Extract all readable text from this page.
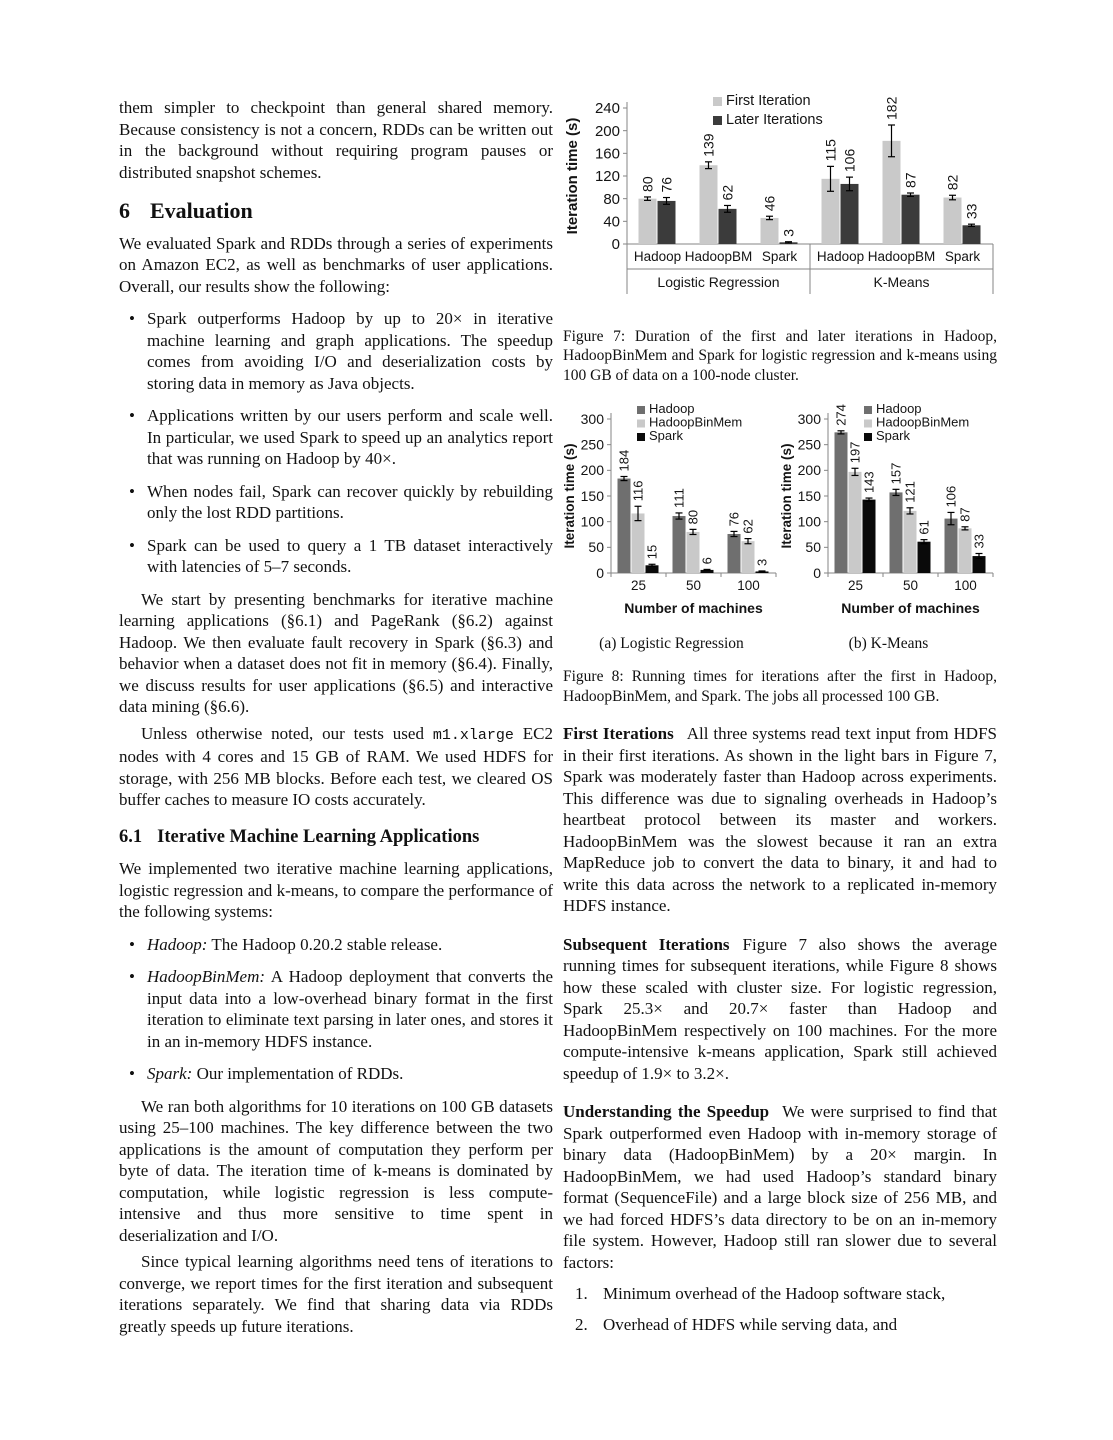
them simpler to checkpoint than general shared memory. Because consistency is not a concern, RDDs can be written out in the background without requiring program pauses or distributed snapshot schemes.

6 Evaluation

We evaluated Spark and RDDs through a series of experiments on Amazon EC2, as well as benchmarks of user applications. Overall, our results show the following:

• Spark outperforms Hadoop by up to 20× in iterative machine learning and graph applications. The speedup comes from avoiding I/O and deserialization costs by storing data in memory as Java objects.
• Applications written by our users perform and scale well. In particular, we used Spark to speed up an analytics report that was running on Hadoop by 40×.
• When nodes fail, Spark can recover quickly by rebuilding only the lost RDD partitions.
• Spark can be used to query a 1 TB dataset interactively with latencies of 5–7 seconds.

We start by presenting benchmarks for iterative machine learning applications (§6.1) and PageRank (§6.2) against Hadoop. We then evaluate fault recovery in Spark (§6.3) and behavior when a dataset does not fit in memory (§6.4). Finally, we discuss results for user applications (§6.5) and interactive data mining (§6.6).

Unless otherwise noted, our tests used m1.xlarge EC2 nodes with 4 cores and 15 GB of RAM. We used HDFS for storage, with 256 MB blocks. Before each test, we cleared OS buffer caches to measure IO costs accurately.

6.1 Iterative Machine Learning Applications

We implemented two iterative machine learning applications, logistic regression and k-means, to compare the performance of the following systems:

• Hadoop: The Hadoop 0.20.2 stable release.
• HadoopBinMem: A Hadoop deployment that converts the input data into a low-overhead binary format in the first iteration to eliminate text parsing in later ones, and stores it in an in-memory HDFS instance.
• Spark: Our implementation of RDDs.

We ran both algorithms for 10 iterations on 100 GB datasets using 25–100 machines. The key difference between the two applications is the amount of computation they perform per byte of data. The iteration time of k-means is dominated by computation, while logistic regression is less compute-intensive and thus more sensitive to time spent in deserialization and I/O.

Since typical learning algorithms need tens of iterations to converge, we report times for the first iteration and subsequent iterations separately. We find that sharing data via RDDs greatly speeds up future iterations.

0
40
80
120
160
200
240
Iteration time (s)
Hadoop HadoopBM Spark Hadoop HadoopBM Spark
80
139
46
115
182
82
76
62
3
106
87
33
Logistic Regression	K-Means
First Iteration
Later Iterations
Figure 7: Duration of the first and later iterations in Hadoop, HadoopBinMem and Spark for logistic regression and k-means using 100 GB of data on a 100-node cluster.
0
50
100
150
200
250
300
Iteration time (s)
25	50	100
184
111
76
116
80
62
15
6	3
Number of machines
Hadoop
HadoopBinMem
Spark
(a) Logistic Regression
0
50
100
150
200
250
300
Iteration time (s)
25	50	100
274
157
106
197
121
87
143
61
33
Number of machines
Hadoop
HadoopBinMem
Spark
(b) K-Means
Figure 8: Running times for iterations after the first in Hadoop, HadoopBinMem, and Spark. The jobs all processed 100 GB.

First Iterations All three systems read text input from HDFS in their first iterations. As shown in the light bars in Figure 7, Spark was moderately faster than Hadoop across experiments. This difference was due to signaling overheads in Hadoop’s heartbeat protocol between its master and workers. HadoopBinMem was the slowest because it ran an extra MapReduce job to convert the data to binary, it and had to write this data across the network to a replicated in-memory HDFS instance.

Subsequent Iterations Figure 7 also shows the average running times for subsequent iterations, while Figure 8 shows how these scaled with cluster size. For logistic regression, Spark 25.3× and 20.7× faster than Hadoop and HadoopBinMem respectively on 100 machines. For the more compute-intensive k-means application, Spark still achieved speedup of 1.9× to 3.2×.

Understanding the Speedup We were surprised to find that Spark outperformed even Hadoop with in-memory storage of binary data (HadoopBinMem) by a 20× margin. In HadoopBinMem, we had used Hadoop’s standard binary format (SequenceFile) and a large block size of 256 MB, and we had forced HDFS’s data directory to be on an in-memory file system. However, Hadoop still ran slower due to several factors:

1. Minimum overhead of the Hadoop software stack,
2. Overhead of HDFS while serving data, and
